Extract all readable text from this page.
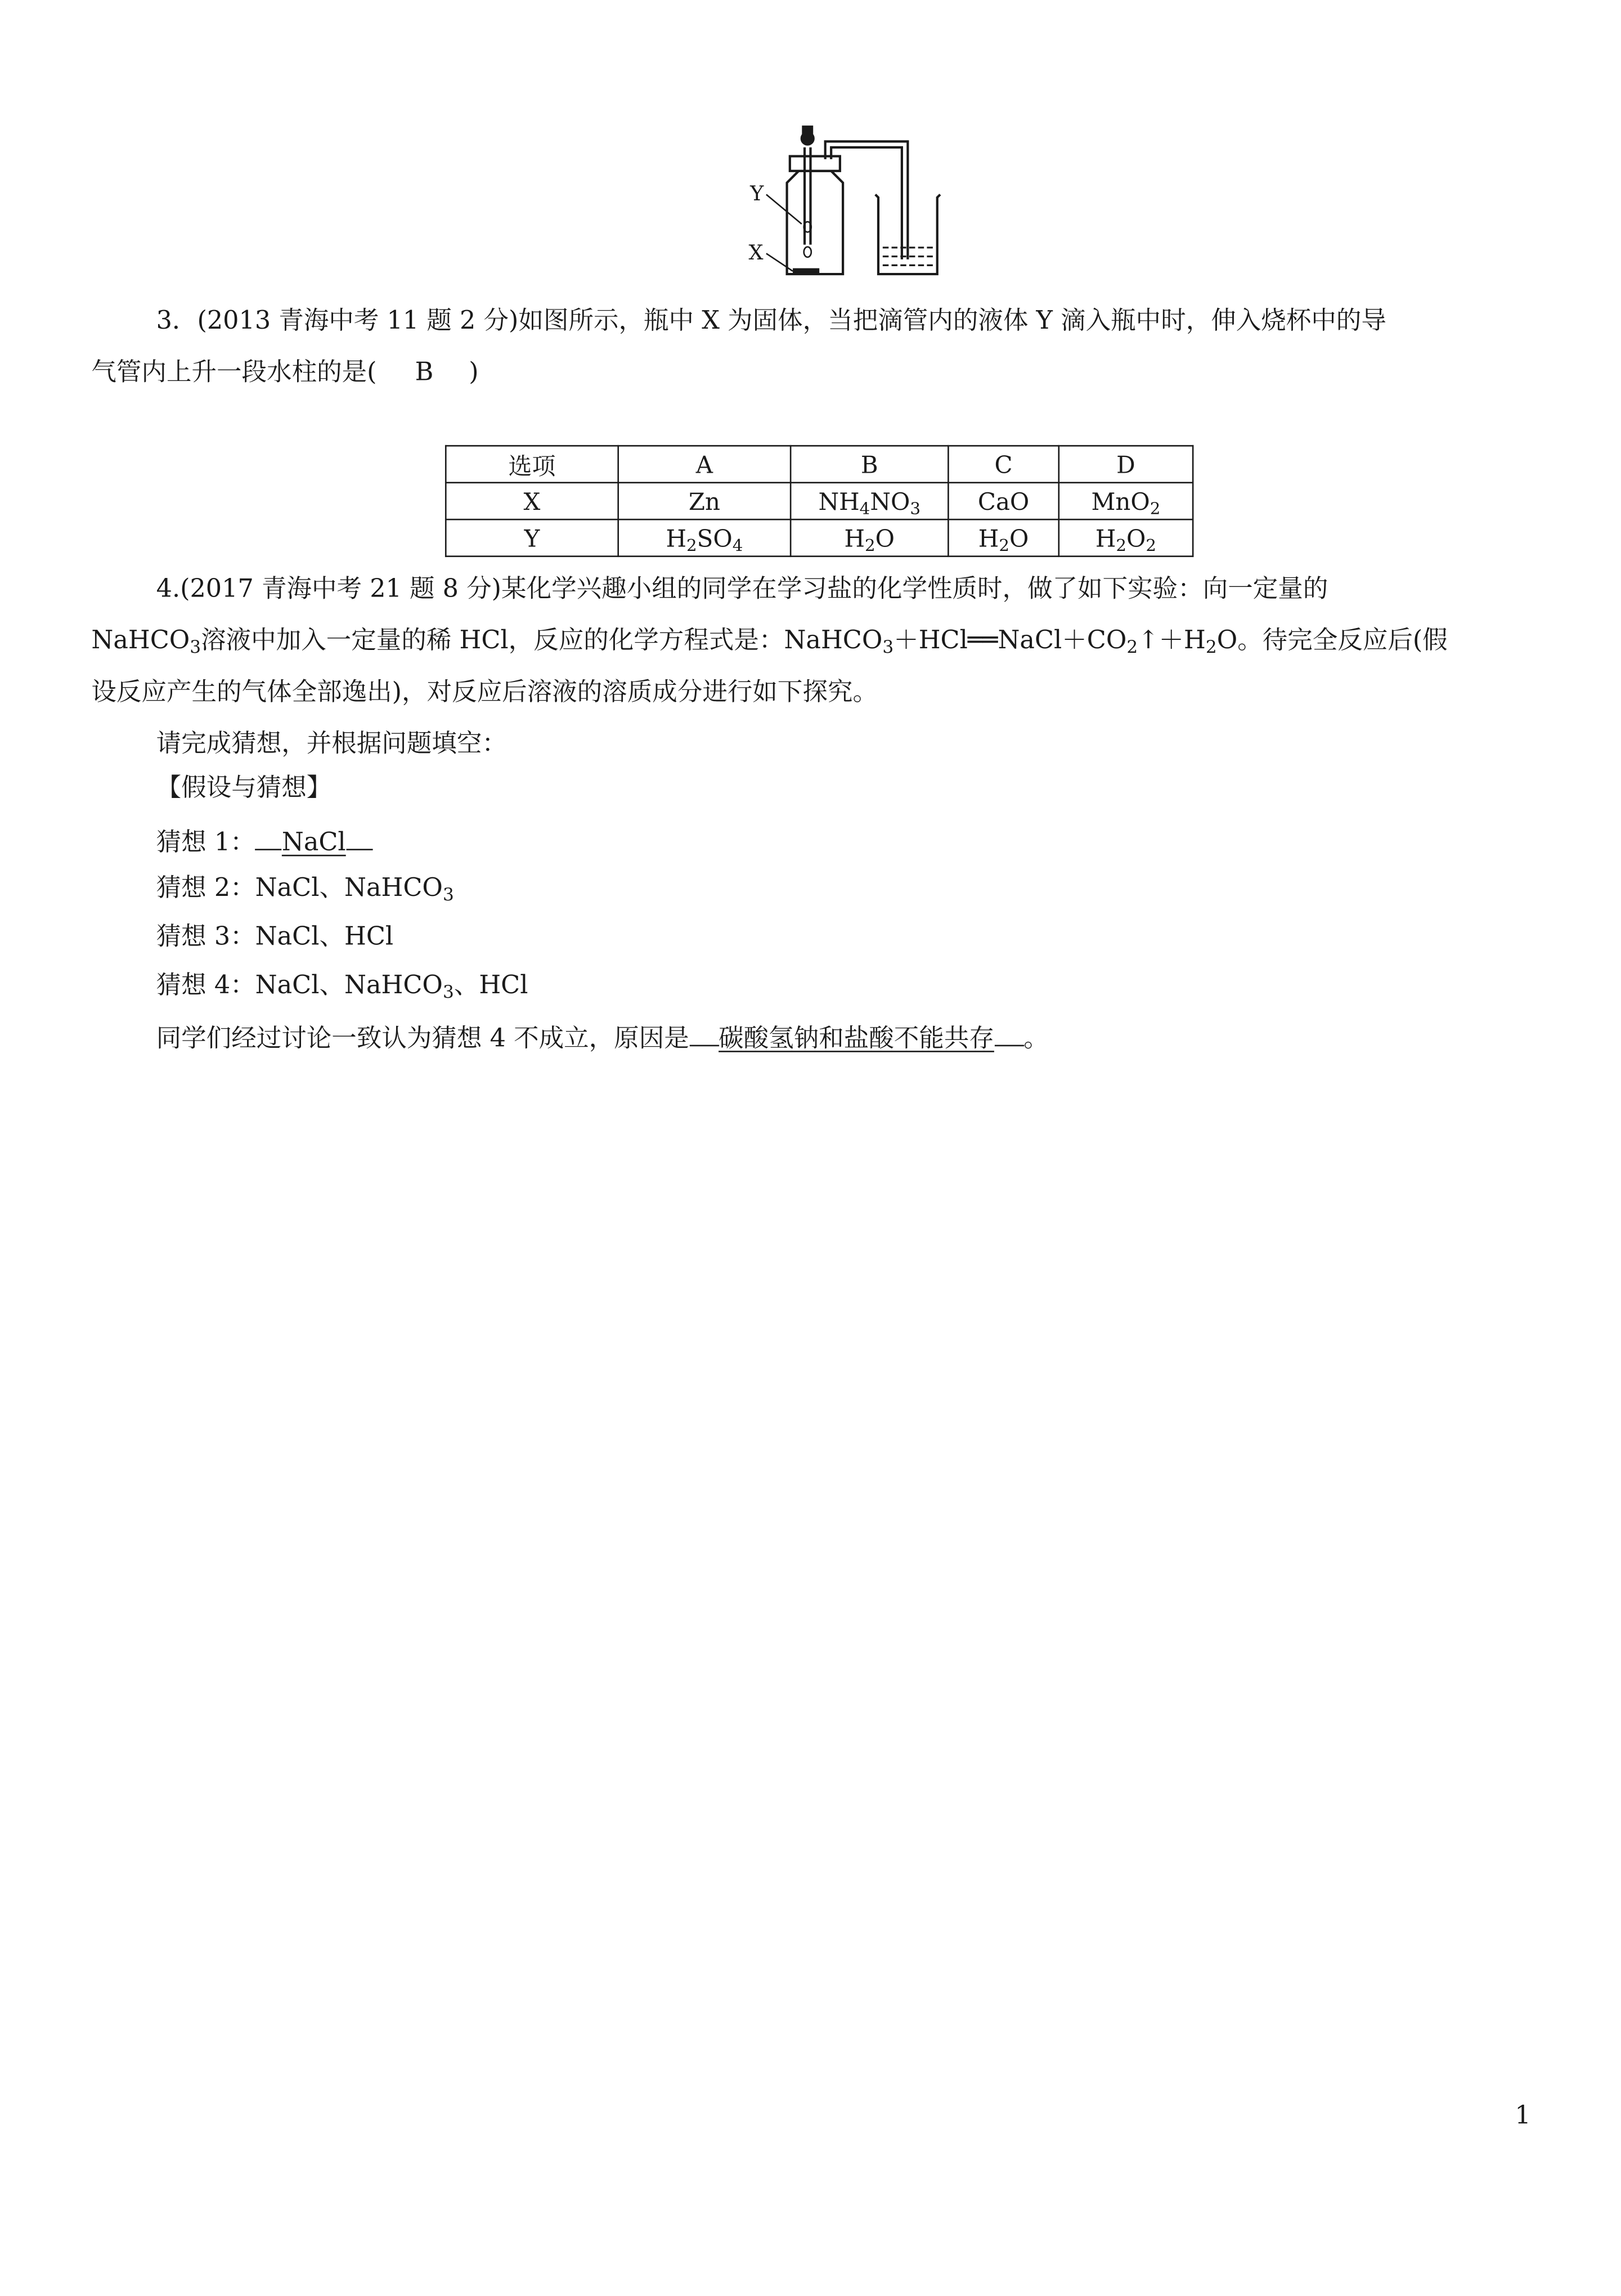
Y
X
3．(2013 青海中考 11 题 2 分)如图所示，瓶中 X 为固体，当把滴管内的液体 Y 滴入瓶中时，伸入烧杯中的导
气管内上升一段水柱的是(	B	)
选项	A	B	C	D
X	Zn	$NH_4NO_3$	CaO	MnO$_2$
Y	$H_2SO_4$	$H_2O$	$H_2O$	$H_2O_2$
4.(2017 青海中考 21 题 8 分)某化学兴趣小组的同学在学习盐的化学性质时，做了如下实验：向一定量的
NaHCO$_3$溶液中加入一定量的稀 HCl，反应的化学方程式是：$NaHCO_3+HCl══NaCl+CO_2↑+H_2O$。待完全反应后(假
设反应产生的气体全部逸出)，对反应后溶液的溶质成分进行如下探究。
请完成猜想，并根据问题填空：
【假设与猜想】
猜想 1：	NaCl
猜想 2：NaCl、NaHCO$_3$
猜想 3：NaCl、HCl
猜想 4：NaCl、NaHCO$_3$、HCl
同学们经过讨论一致认为猜想 4 不成立，原因是	碳酸氢钠和盐酸不能共存	。
1
